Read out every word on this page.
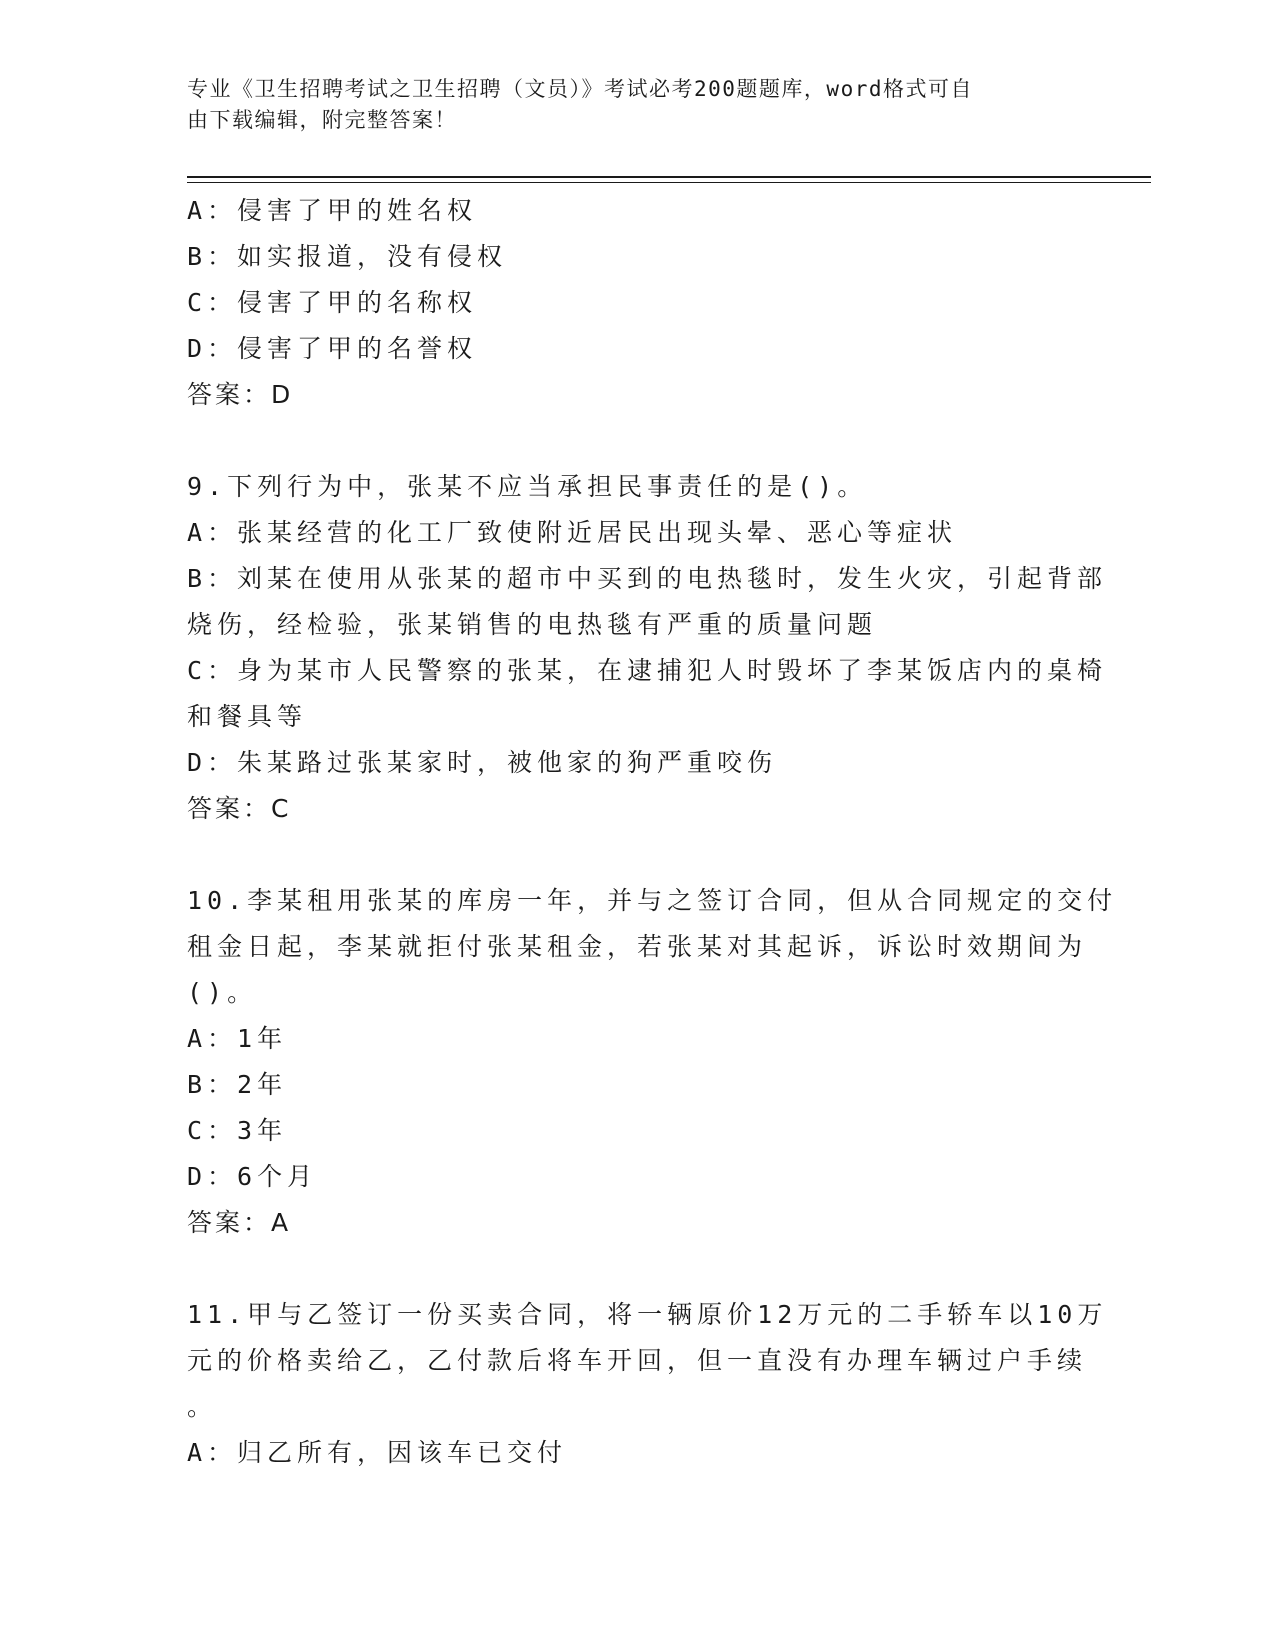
专业《卫生招聘考试之卫生招聘（文员）》考试必考200题题库，word格式可自
由下载编辑，附完整答案！
A：侵害了甲的姓名权
B：如实报道，没有侵权
C：侵害了甲的名称权
D：侵害了甲的名誉权
答案：D
9.下列行为中，张某不应当承担民事责任的是()。
A：张某经营的化工厂致使附近居民出现头晕、恶心等症状
B：刘某在使用从张某的超市中买到的电热毯时，发生火灾，引起背部
烧伤，经检验，张某销售的电热毯有严重的质量问题
C：身为某市人民警察的张某，在逮捕犯人时毁坏了李某饭店内的桌椅
和餐具等
D：朱某路过张某家时，被他家的狗严重咬伤
答案：C
10.李某租用张某的库房一年，并与之签订合同，但从合同规定的交付
租金日起，李某就拒付张某租金，若张某对其起诉，诉讼时效期间为
()。
A：1年
B：2年
C：3年
D：6个月
答案：A
11.甲与乙签订一份买卖合同，将一辆原价12万元的二手轿车以10万
元的价格卖给乙，乙付款后将车开回，但一直没有办理车辆过户手续
。
A：归乙所有，因该车已交付
